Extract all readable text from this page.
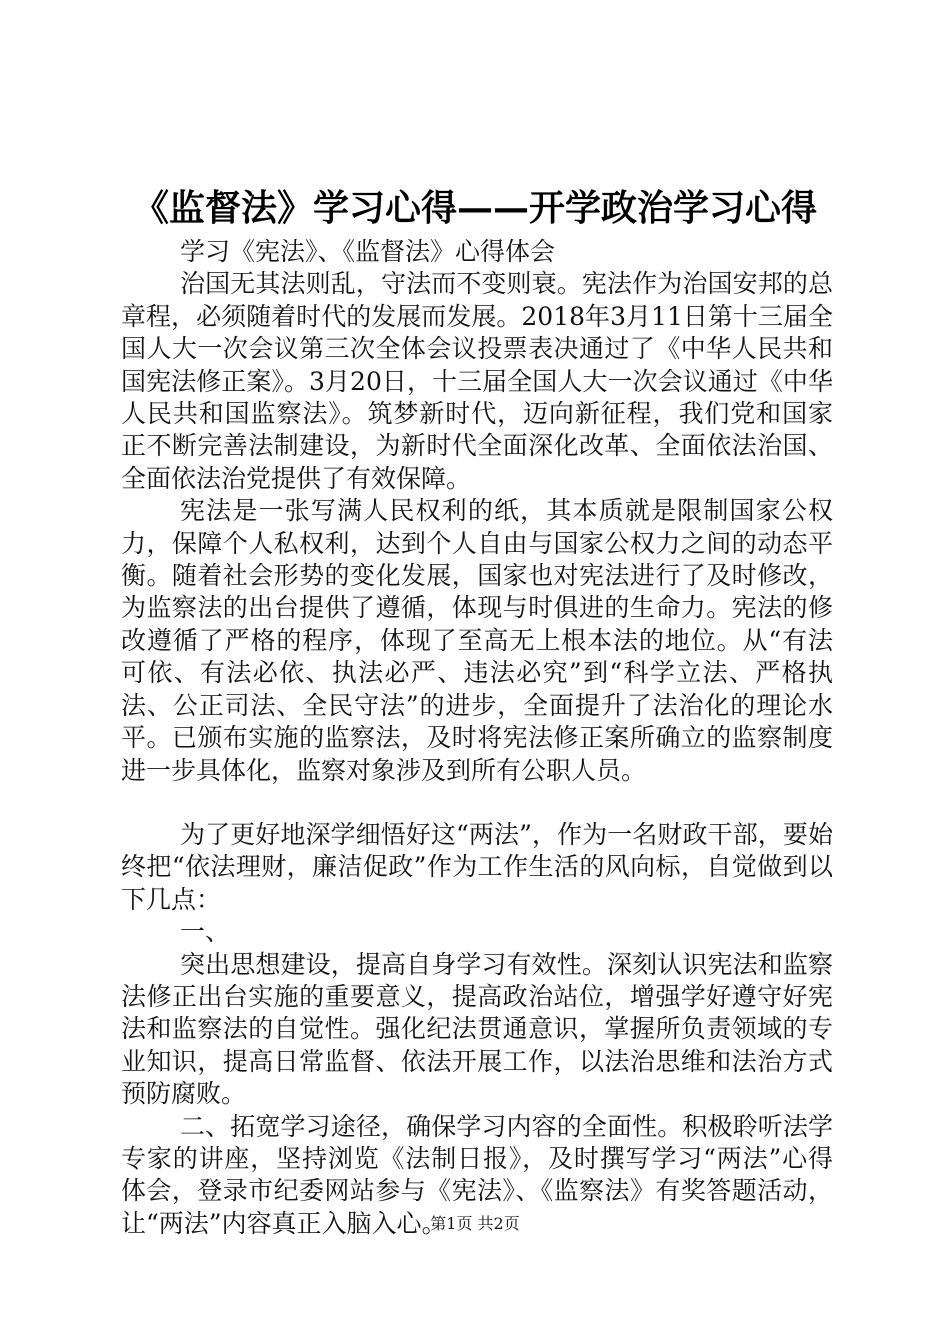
《监督法》学习心得——开学政治学习心得

学习《宪法》、《监督法》心得体会

治国无其法则乱，守法而不变则衰。宪法作为治国安邦的总章程，必须随着时代的发展而发展。2018年3月11日第十三届全国人大一次会议第三次全体会议投票表决通过了《中华人民共和国宪法修正案》。3月20日，十三届全国人大一次会议通过《中华人民共和国监察法》。筑梦新时代，迈向新征程，我们党和国家正不断完善法制建设，为新时代全面深化改革、全面依法治国、全面依法治党提供了有效保障。

宪法是一张写满人民权利的纸，其本质就是限制国家公权力，保障个人私权利，达到个人自由与国家公权力之间的动态平衡。随着社会形势的变化发展，国家也对宪法进行了及时修改，为监察法的出台提供了遵循，体现与时俱进的生命力。宪法的修改遵循了严格的程序，体现了至高无上根本法的地位。从“有法可依、有法必依、执法必严、违法必究”到“科学立法、严格执法、公正司法、全民守法”的进步，全面提升了法治化的理论水平。已颁布实施的监察法，及时将宪法修正案所确立的监察制度进一步具体化，监察对象涉及到所有公职人员。

为了更好地深学细悟好这“两法”，作为一名财政干部，要始终把“依法理财，廉洁促政”作为工作生活的风向标，自觉做到以下几点：

一、

突出思想建设，提高自身学习有效性。深刻认识宪法和监察法修正出台实施的重要意义，提高政治站位，增强学好遵守好宪法和监察法的自觉性。强化纪法贯通意识，掌握所负责领域的专业知识，提高日常监督、依法开展工作，以法治思维和法治方式预防腐败。

二、拓宽学习途径，确保学习内容的全面性。积极聆听法学专家的讲座，坚持浏览《法制日报》，及时撰写学习“两法”心得体会，登录市纪委网站参与《宪法》、《监察法》有奖答题活动，让“两法”内容真正入脑入心。

第1页 共2页
